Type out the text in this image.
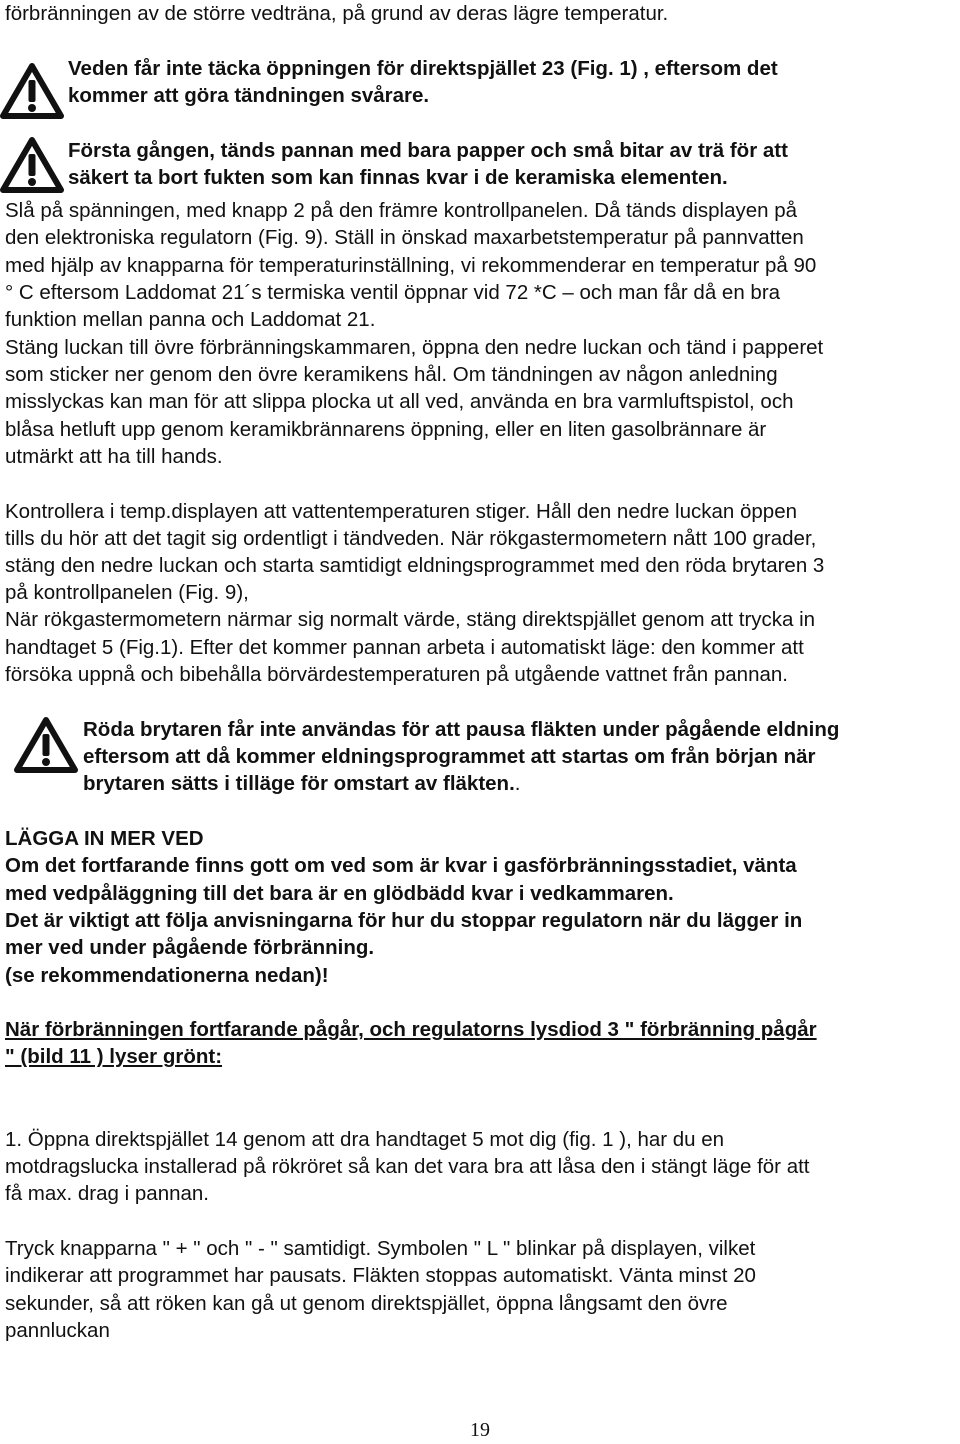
förbränningen av de större vedträna, på grund av deras lägre temperatur.
Veden får inte täcka öppningen för direktspjället 23 (Fig. 1) , eftersom det
kommer att göra tändningen svårare.
Första gången, tänds pannan med bara papper och små bitar av trä för att
säkert ta bort fukten som kan finnas kvar i de keramiska elementen.
Slå på spänningen, med knapp 2 på den främre kontrollpanelen. Då tänds displayen på
den elektroniska regulatorn (Fig. 9). Ställ in önskad maxarbetstemperatur på pannvatten
med hjälp av knapparna för temperaturinställning, vi rekommenderar en temperatur på 90
° C eftersom Laddomat 21´s termiska ventil öppnar vid 72 *C – och man får då en bra
funktion mellan panna och Laddomat 21.
Stäng luckan till övre förbränningskammaren, öppna den nedre luckan och tänd i papperet
som sticker ner genom den övre keramikens hål. Om tändningen av någon anledning
misslyckas kan man för att slippa plocka ut all ved, använda en bra varmluftspistol, och
blåsa hetluft upp genom keramikbrännarens öppning, eller en liten gasolbrännare är
utmärkt att ha till hands.
Kontrollera i temp.displayen att vattentemperaturen stiger. Håll den nedre luckan öppen
tills du hör att det tagit sig ordentligt i tändveden. När rökgastermometern nått 100 grader,
stäng den nedre luckan och starta samtidigt eldningsprogrammet med den röda brytaren 3
på kontrollpanelen (Fig. 9),
När rökgastermometern närmar sig normalt värde, stäng direktspjället genom att trycka in
handtaget 5 (Fig.1). Efter det kommer pannan arbeta i automatiskt läge: den kommer att
försöka uppnå och bibehålla börvärdestemperaturen på utgående vattnet från pannan.
Röda brytaren får inte användas för att pausa fläkten under pågående eldning
eftersom att då kommer eldningsprogrammet att startas om från början när
brytaren sätts i tilläge för omstart av fläkten..
LÄGGA IN MER VED
Om det fortfarande finns gott om ved som är kvar i gasförbränningsstadiet, vänta
med vedpåläggning till det bara är en glödbädd kvar i vedkammaren.
Det är viktigt att följa anvisningarna för hur du stoppar regulatorn när du lägger in
mer ved under pågående förbränning.
(se rekommendationerna nedan)!
När förbränningen fortfarande pågår, och regulatorns lysdiod 3 " förbränning pågår
" (bild 11 ) lyser grönt:
1. Öppna direktspjället 14 genom att dra handtaget 5 mot dig (fig. 1 ), har du en
motdragslucka installerad på rökröret så kan det vara bra att låsa den i stängt läge för att
få max. drag i pannan.
Tryck knapparna " + " och " - " samtidigt. Symbolen " L " blinkar på displayen, vilket
indikerar att programmet har pausats. Fläkten stoppas automatiskt. Vänta minst 20
sekunder, så att röken kan gå ut genom direktspjället, öppna långsamt den övre
pannluckan
19
